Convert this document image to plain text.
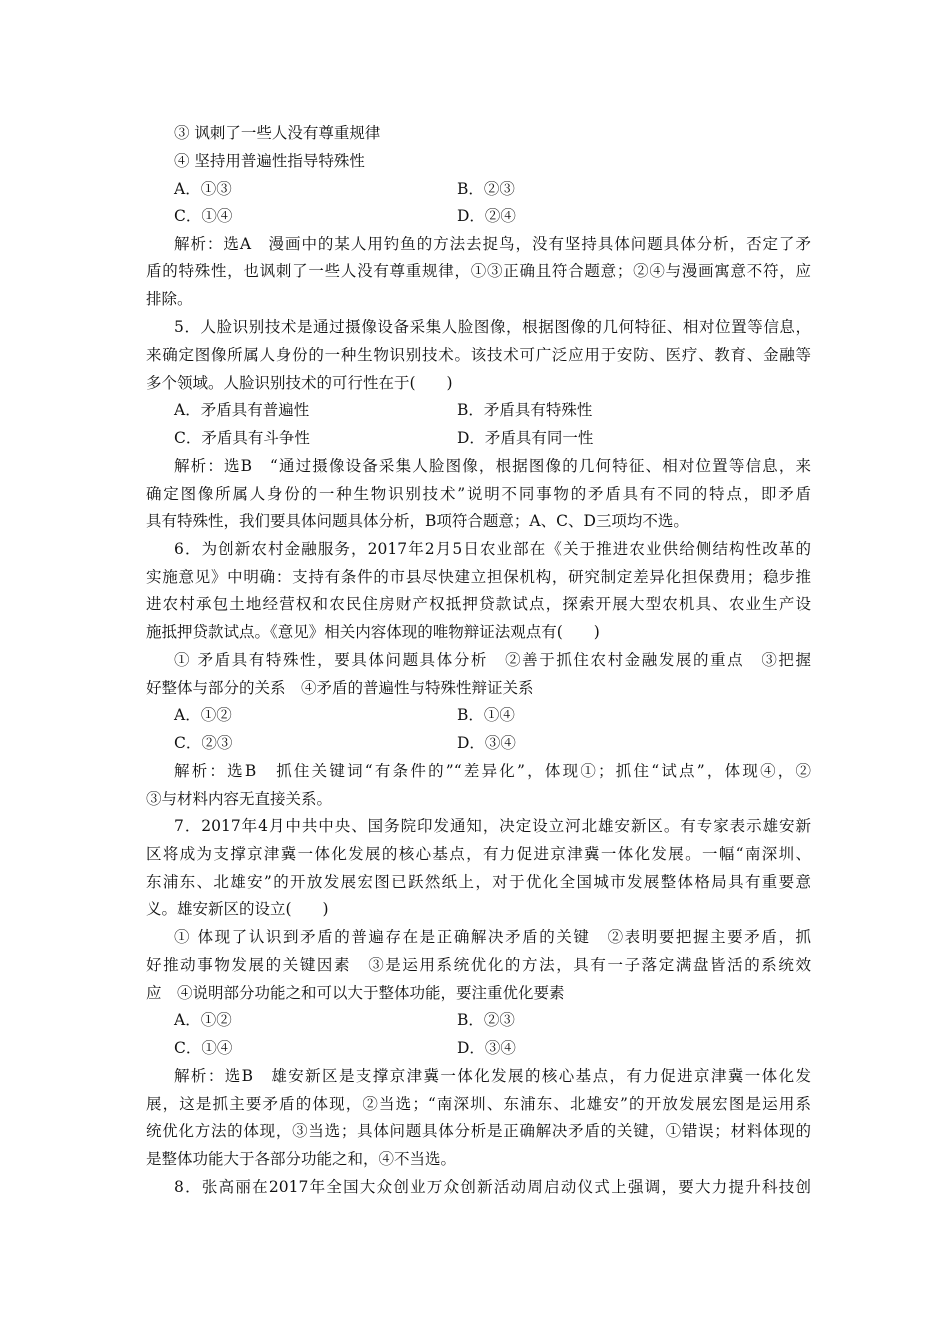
③ 讽刺了一些人没有尊重规律
④ 坚持用普遍性指导特殊性
A．①③	B．②③
C．①④	D．②④
解析：选A　漫画中的某人用钓鱼的方法去捉鸟，没有坚持具体问题具体分析，否定了矛
盾的特殊性，也讽刺了一些人没有尊重规律，①③正确且符合题意；②④与漫画寓意不符，应
排除。
5．人脸识别技术是通过摄像设备采集人脸图像，根据图像的几何特征、相对位置等信息，
来确定图像所属人身份的一种生物识别技术。该技术可广泛应用于安防、医疗、教育、金融等
多个领域。人脸识别技术的可行性在于(　　)
A．矛盾具有普遍性	B．矛盾具有特殊性
C．矛盾具有斗争性	D．矛盾具有同一性
解析：选B　“通过摄像设备采集人脸图像，根据图像的几何特征、相对位置等信息，来
确定图像所属人身份的一种生物识别技术”说明不同事物的矛盾具有不同的特点，即矛盾
具有特殊性，我们要具体问题具体分析，B项符合题意；A、C、D三项均不选。
6．为创新农村金融服务，2017年2月5日农业部在《关于推进农业供给侧结构性改革的
实施意见》中明确：支持有条件的市县尽快建立担保机构，研究制定差异化担保费用；稳步推
进农村承包土地经营权和农民住房财产权抵押贷款试点，探索开展大型农机具、农业生产设
施抵押贷款试点。《意见》相关内容体现的唯物辩证法观点有(　　)
① 矛盾具有特殊性，要具体问题具体分析　②善于抓住农村金融发展的重点　③把握
好整体与部分的关系　④矛盾的普遍性与特殊性辩证关系
A．①②	B．①④
C．②③	D．③④
解析：选B　抓住关键词“有条件的”“差异化”，体现①；抓住“试点”，体现④，②
③与材料内容无直接关系。
7．2017年4月中共中央、国务院印发通知，决定设立河北雄安新区。有专家表示雄安新
区将成为支撑京津冀一体化发展的核心基点，有力促进京津冀一体化发展。一幅“南深圳、
东浦东、北雄安”的开放发展宏图已跃然纸上，对于优化全国城市发展整体格局具有重要意
义。雄安新区的设立(　　)
① 体现了认识到矛盾的普遍存在是正确解决矛盾的关键　②表明要把握主要矛盾，抓
好推动事物发展的关键因素　③是运用系统优化的方法，具有一子落定满盘皆活的系统效
应　④说明部分功能之和可以大于整体功能，要注重优化要素
A．①②	B．②③
C．①④	D．③④
解析：选B　雄安新区是支撑京津冀一体化发展的核心基点，有力促进京津冀一体化发
展，这是抓主要矛盾的体现，②当选；“南深圳、东浦东、北雄安”的开放发展宏图是运用系
统优化方法的体现，③当选；具体问题具体分析是正确解决矛盾的关键，①错误；材料体现的
是整体功能大于各部分功能之和，④不当选。
8．张高丽在2017年全国大众创业万众创新活动周启动仪式上强调，要大力提升科技创
